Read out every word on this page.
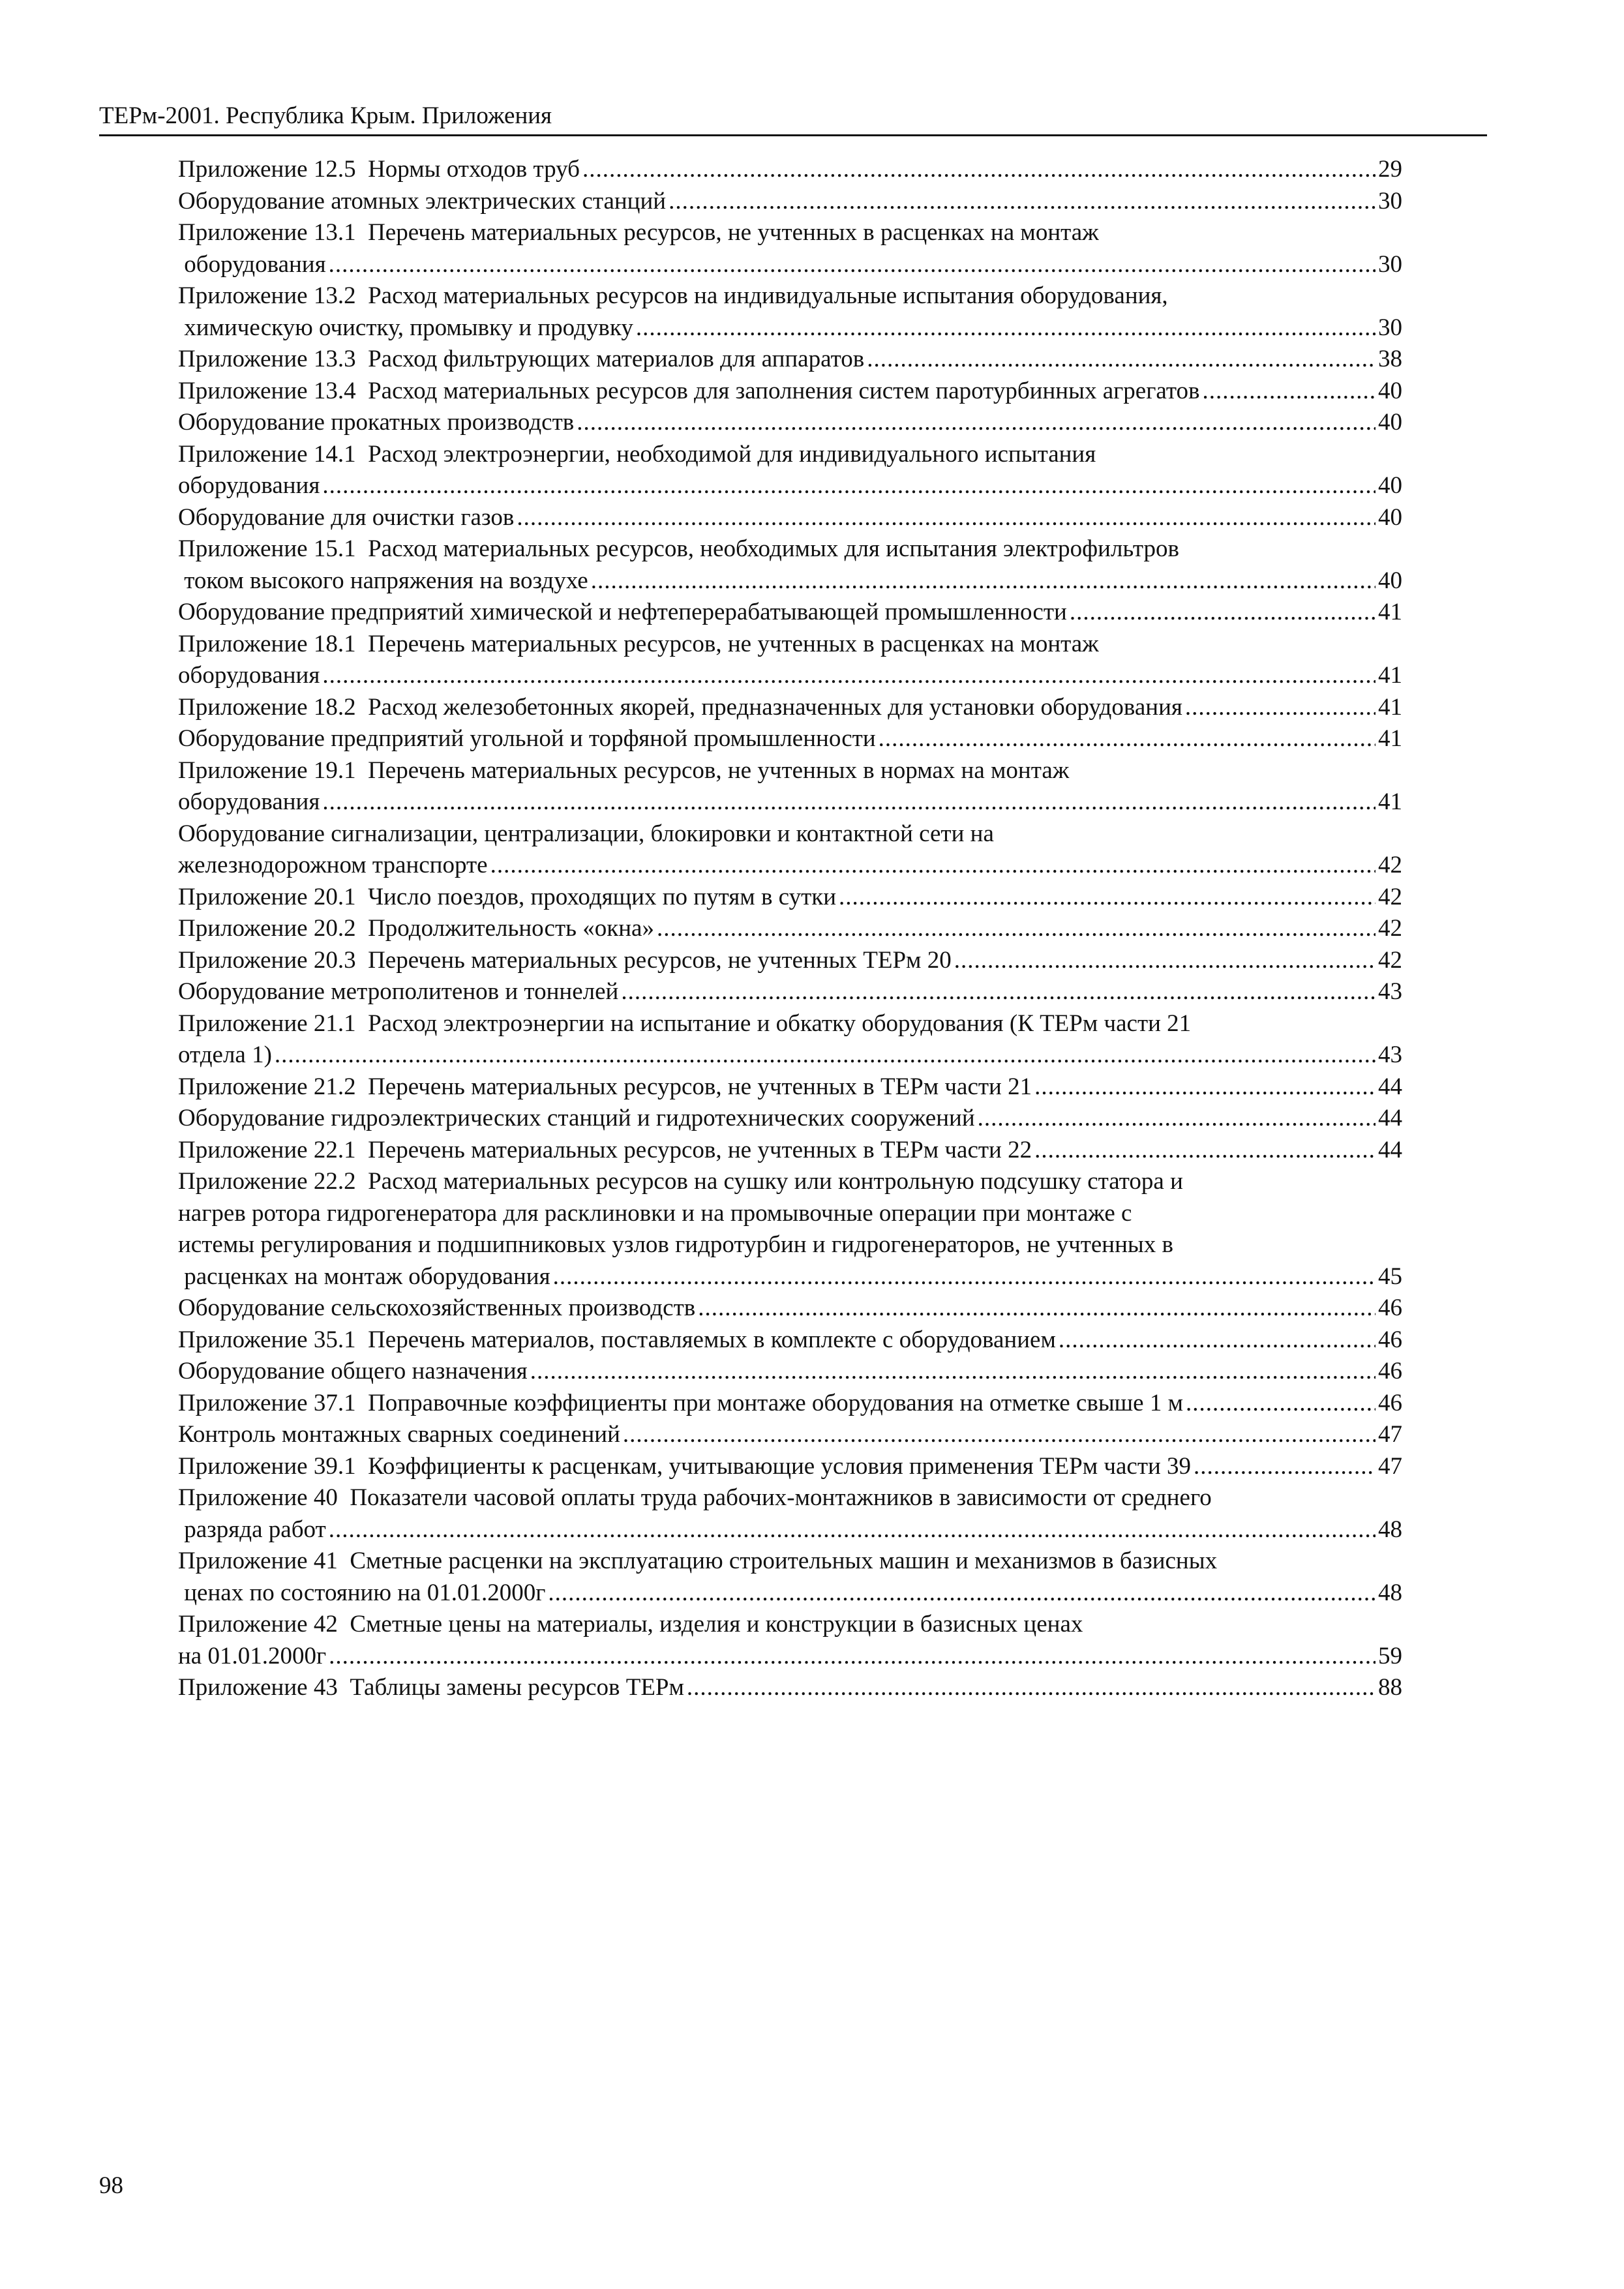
ТЕРм-2001. Республика Крым. Приложения
Приложение 12.5  Нормы отходов труб .....	29
Оборудование атомных электрических станций .....	30
Приложение 13.1  Перечень материальных ресурсов, не учтенных в расценках на монтаж
оборудования .....	30
Приложение 13.2  Расход материальных ресурсов на индивидуальные испытания оборудования,
химическую очистку, промывку и продувку .....	30
Приложение 13.3  Расход фильтрующих материалов для аппаратов .....	38
Приложение 13.4  Расход материальных ресурсов для заполнения систем паротурбинных агрегатов .....	40
Оборудование прокатных производств .....	40
Приложение 14.1  Расход электроэнергии, необходимой для индивидуального испытания
оборудования .....	40
Оборудование для очистки газов .....	40
Приложение 15.1  Расход материальных ресурсов, необходимых для испытания электрофильтров
током высокого напряжения на воздухе .....	40
Оборудование предприятий химической и нефтеперерабатывающей промышленности .....	41
Приложение 18.1  Перечень материальных ресурсов, не учтенных в расценках на монтаж
оборудования .....	41
Приложение 18.2  Расход железобетонных якорей, предназначенных для установки оборудования .....	41
Оборудование предприятий угольной и торфяной промышленности .....	41
Приложение 19.1  Перечень материальных ресурсов, не учтенных в нормах на монтаж
оборудования .....	41
Оборудование сигнализации, централизации, блокировки и контактной сети на
железнодорожном транспорте .....	42
Приложение 20.1  Число поездов, проходящих по путям в сутки .....	42
Приложение 20.2  Продолжительность «окна» .....	42
Приложение 20.3  Перечень материальных ресурсов, не учтенных ТЕРм 20 .....	42
Оборудование метрополитенов и тоннелей .....	43
Приложение 21.1  Расход электроэнергии на испытание и обкатку оборудования (К ТЕРм части 21
отдела 1) .....	43
Приложение 21.2  Перечень материальных ресурсов, не учтенных в ТЕРм части 21 .....	44
Оборудование гидроэлектрических станций и гидротехнических сооружений .....	44
Приложение 22.1  Перечень материальных ресурсов, не учтенных в ТЕРм части 22 .....	44
Приложение 22.2  Расход материальных ресурсов на сушку или контрольную подсушку статора и
нагрев ротора гидрогенератора для расклиновки и на промывочные операции при монтаже с
истемы регулирования и подшипниковых узлов гидротурбин и гидрогенераторов, не учтенных в
расценках на монтаж оборудования .....	45
Оборудование сельскохозяйственных производств .....	46
Приложение 35.1  Перечень материалов, поставляемых в комплекте с оборудованием .....	46
Оборудование общего назначения .....	46
Приложение 37.1  Поправочные коэффициенты при монтаже оборудования на отметке свыше 1 м .....	46
Контроль монтажных сварных соединений .....	47
Приложение 39.1  Коэффициенты к расценкам, учитывающие условия применения ТЕРм части 39 .....	47
Приложение 40  Показатели часовой оплаты труда рабочих-монтажников в зависимости от среднего
разряда работ .....	48
Приложение 41  Сметные расценки на эксплуатацию строительных машин и механизмов в базисных
ценах по состоянию на 01.01.2000г .....	48
Приложение 42  Сметные цены на материалы, изделия и конструкции в базисных ценах
на 01.01.2000г .....	59
Приложение 43  Таблицы замены ресурсов ТЕРм .....	88
98
